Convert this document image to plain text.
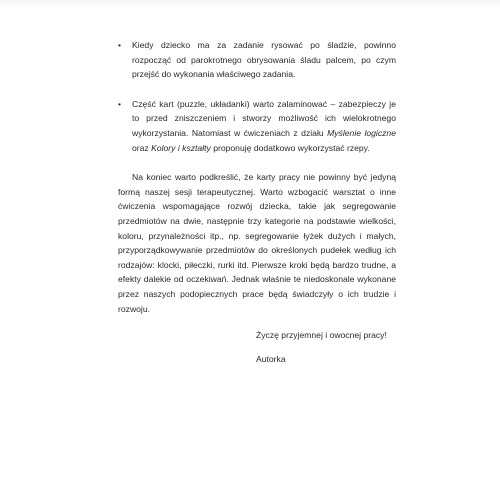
• Kiedy dziecko ma za zadanie rysować po śladzie, powinno rozpocząć od parokrotnego obrysowania śladu palcem, po czym przejść do wykonania właściwego zadania.
• Część kart (puzzle, układanki) warto zalaminować – zabezpieczy je to przed zniszczeniem i stworzy możliwość ich wielokrotnego wykorzystania. Natomiast w ćwiczeniach z działu Myślenie logiczne oraz Kolory i kształty proponuję dodatkowo wykorzystać rzepy.

Na koniec warto podkreślić, że karty pracy nie powinny być jedyną formą naszej sesji terapeutycznej. Warto wzbogacić warsztat o inne ćwiczenia wspomagające rozwój dziecka, takie jak segregowanie przedmiotów na dwie, następnie trzy kategorie na podstawie wielkości, koloru, przynależności itp., np. segregowanie łyżek dużych i małych, przyporządkowywanie przedmiotów do określonych pudełek według ich rodzajów: klocki, piłeczki, rurki itd. Pierwsze kroki będą bardzo trudne, a efekty dalekie od oczekiwań. Jednak właśnie te niedoskonale wykonane przez naszych podopiecznych prace będą świadczyły o ich trudzie i rozwoju.

Życzę przyjemnej i owocnej pracy!
Autorka
